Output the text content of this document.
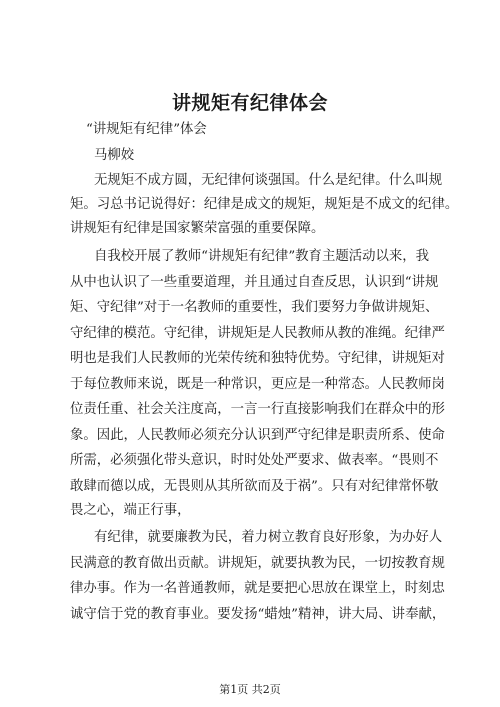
讲规矩有纪律体会
“讲规矩有纪律”体会
马柳姣
无规矩不成方圆，无纪律何谈强国。什么是纪律。什么叫规
矩。习总书记说得好：纪律是成文的规矩，规矩是不成文的纪律。
讲规矩有纪律是国家繁荣富强的重要保障。
自我校开展了教师“讲规矩有纪律”教育主题活动以来，我
从中也认识了一些重要道理，并且通过自查反思，认识到“讲规
矩、守纪律”对于一名教师的重要性，我们要努力争做讲规矩、
守纪律的模范。守纪律，讲规矩是人民教师从教的准绳。纪律严
明也是我们人民教师的光荣传统和独特优势。守纪律，讲规矩对
于每位教师来说，既是一种常识，更应是一种常态。人民教师岗
位责任重、社会关注度高，一言一行直接影响我们在群众中的形
象。因此，人民教师必须充分认识到严守纪律是职责所系、使命
所需，必须强化带头意识，时时处处严要求、做表率。“畏则不
敢肆而德以成，无畏则从其所欲而及于祸”。只有对纪律常怀敬
畏之心，端正行事，
有纪律，就要廉教为民，着力树立教育良好形象，为办好人
民满意的教育做出贡献。讲规矩，就要执教为民，一切按教育规
律办事。作为一名普通教师，就是要把心思放在课堂上，时刻忠
诚守信于党的教育事业。要发扬“蜡烛”精神，讲大局、讲奉献，
第1页 共2页
